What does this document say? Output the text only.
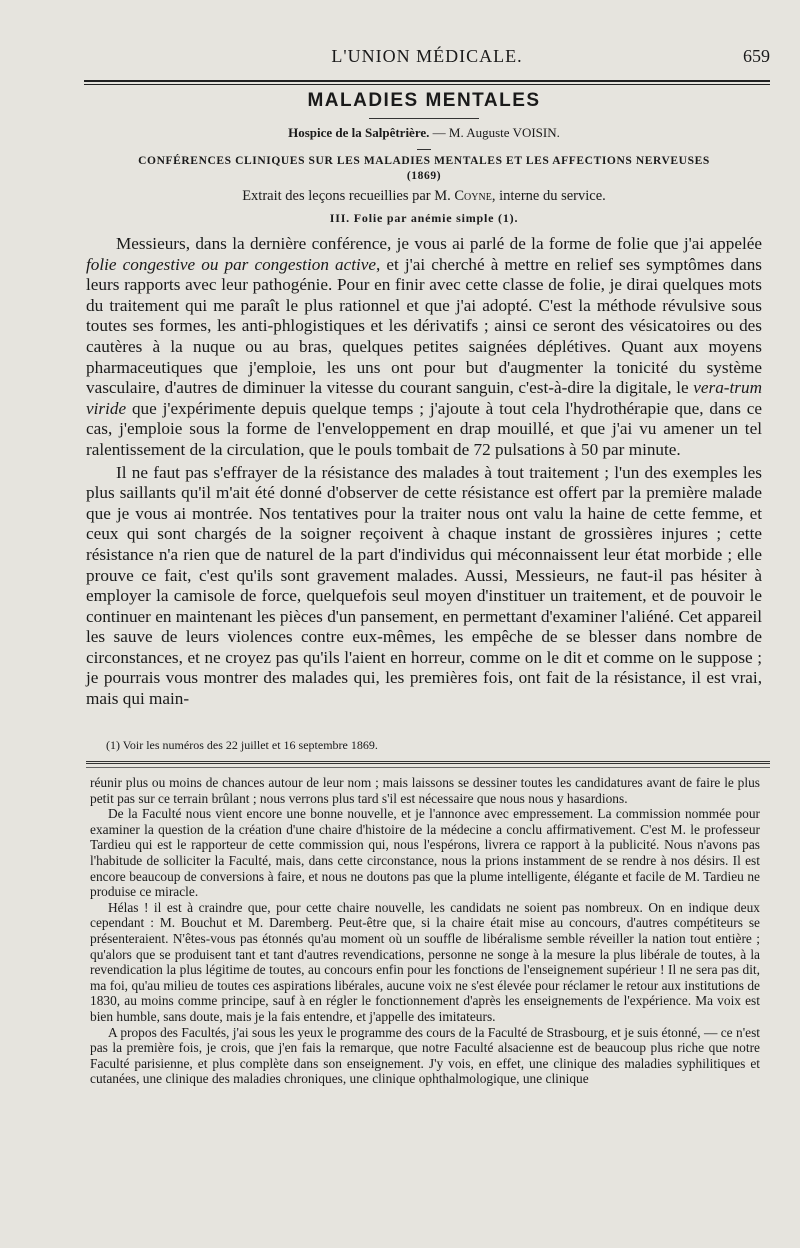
L'UNION MÉDICALE.	659
MALADIES MENTALES
Hospice de la Salpêtrière. — M. Auguste VOISIN.
CONFÉRENCES CLINIQUES SUR LES MALADIES MENTALES ET LES AFFECTIONS NERVEUSES
(1869)
Extrait des leçons recueillies par M. Coyne, interne du service.
III. Folie par anémie simple (1).

Messieurs, dans la dernière conférence, je vous ai parlé de la forme de folie que j'ai appelée folie congestive ou par congestion active, et j'ai cherché à mettre en relief ses symptômes dans leurs rapports avec leur pathogénie. Pour en finir avec cette classe de folie, je dirai quelques mots du traitement qui me paraît le plus rationnel et que j'ai adopté. C'est la méthode révulsive sous toutes ses formes, les anti-phlogistiques et les dérivatifs ; ainsi ce seront des vésicatoires ou des cautères à la nuque ou au bras, quelques petites saignées déplétives. Quant aux moyens pharmaceutiques que j'emploie, les uns ont pour but d'augmenter la tonicité du système vasculaire, d'autres de diminuer la vitesse du courant sanguin, c'est-à-dire la digitale, le vera-trum viride que j'expérimente depuis quelque temps ; j'ajoute à tout cela l'hydrothérapie que, dans ce cas, j'emploie sous la forme de l'enveloppement en drap mouillé, et que j'ai vu amener un tel ralentissement de la circulation, que le pouls tombait de 72 pulsations à 50 par minute.

Il ne faut pas s'effrayer de la résistance des malades à tout traitement ; l'un des exemples les plus saillants qu'il m'ait été donné d'observer de cette résistance est offert par la première malade que je vous ai montrée. Nos tentatives pour la traiter nous ont valu la haine de cette femme, et ceux qui sont chargés de la soigner reçoivent à chaque instant de grossières injures ; cette résistance n'a rien que de naturel de la part d'individus qui méconnaissent leur état morbide ; elle prouve ce fait, c'est qu'ils sont gravement malades. Aussi, Messieurs, ne faut-il pas hésiter à employer la camisole de force, quelquefois seul moyen d'instituer un traitement, et de pouvoir le continuer en maintenant les pièces d'un pansement, en permettant d'examiner l'aliéné. Cet appareil les sauve de leurs violences contre eux-mêmes, les empêche de se blesser dans nombre de circonstances, et ne croyez pas qu'ils l'aient en horreur, comme on le dit et comme on le suppose ; je pourrais vous montrer des malades qui, les premières fois, ont fait de la résistance, il est vrai, mais qui main-

(1) Voir les numéros des 22 juillet et 16 septembre 1869.

réunir plus ou moins de chances autour de leur nom ; mais laissons se dessiner toutes les candidatures avant de faire le plus petit pas sur ce terrain brûlant ; nous verrons plus tard s'il est nécessaire que nous nous y hasardions.

De la Faculté nous vient encore une bonne nouvelle, et je l'annonce avec empressement. La commission nommée pour examiner la question de la création d'une chaire d'histoire de la médecine a conclu affirmativement. C'est M. le professeur Tardieu qui est le rapporteur de cette commission qui, nous l'espérons, livrera ce rapport à la publicité. Nous n'avons pas l'habitude de solliciter la Faculté, mais, dans cette circonstance, nous la prions instamment de se rendre à nos désirs. Il est encore beaucoup de conversions à faire, et nous ne doutons pas que la plume intelligente, élégante et facile de M. Tardieu ne produise ce miracle.

Hélas ! il est à craindre que, pour cette chaire nouvelle, les candidats ne soient pas nombreux. On en indique deux cependant : M. Bouchut et M. Daremberg. Peut-être que, si la chaire était mise au concours, d'autres compétiteurs se présenteraient. N'êtes-vous pas étonnés qu'au moment où un souffle de libéralisme semble réveiller la nation tout entière ; qu'alors que se produisent tant et tant d'autres revendications, personne ne songe à la mesure la plus libérale de toutes, à la revendication la plus légitime de toutes, au concours enfin pour les fonctions de l'enseignement supérieur ! Il ne sera pas dit, ma foi, qu'au milieu de toutes ces aspirations libérales, aucune voix ne s'est élevée pour réclamer le retour aux institutions de 1830, au moins comme principe, sauf à en régler le fonctionnement d'après les enseignements de l'expérience. Ma voix est bien humble, sans doute, mais je la fais entendre, et j'appelle des imitateurs.

A propos des Facultés, j'ai sous les yeux le programme des cours de la Faculté de Strasbourg, et je suis étonné, — ce n'est pas la première fois, je crois, que j'en fais la remarque, que notre Faculté alsacienne est de beaucoup plus riche que notre Faculté parisienne, et plus complète dans son enseignement. J'y vois, en effet, une clinique des maladies syphilitiques et cutanées, une clinique des maladies chroniques, une clinique ophthalmologique, une clinique
